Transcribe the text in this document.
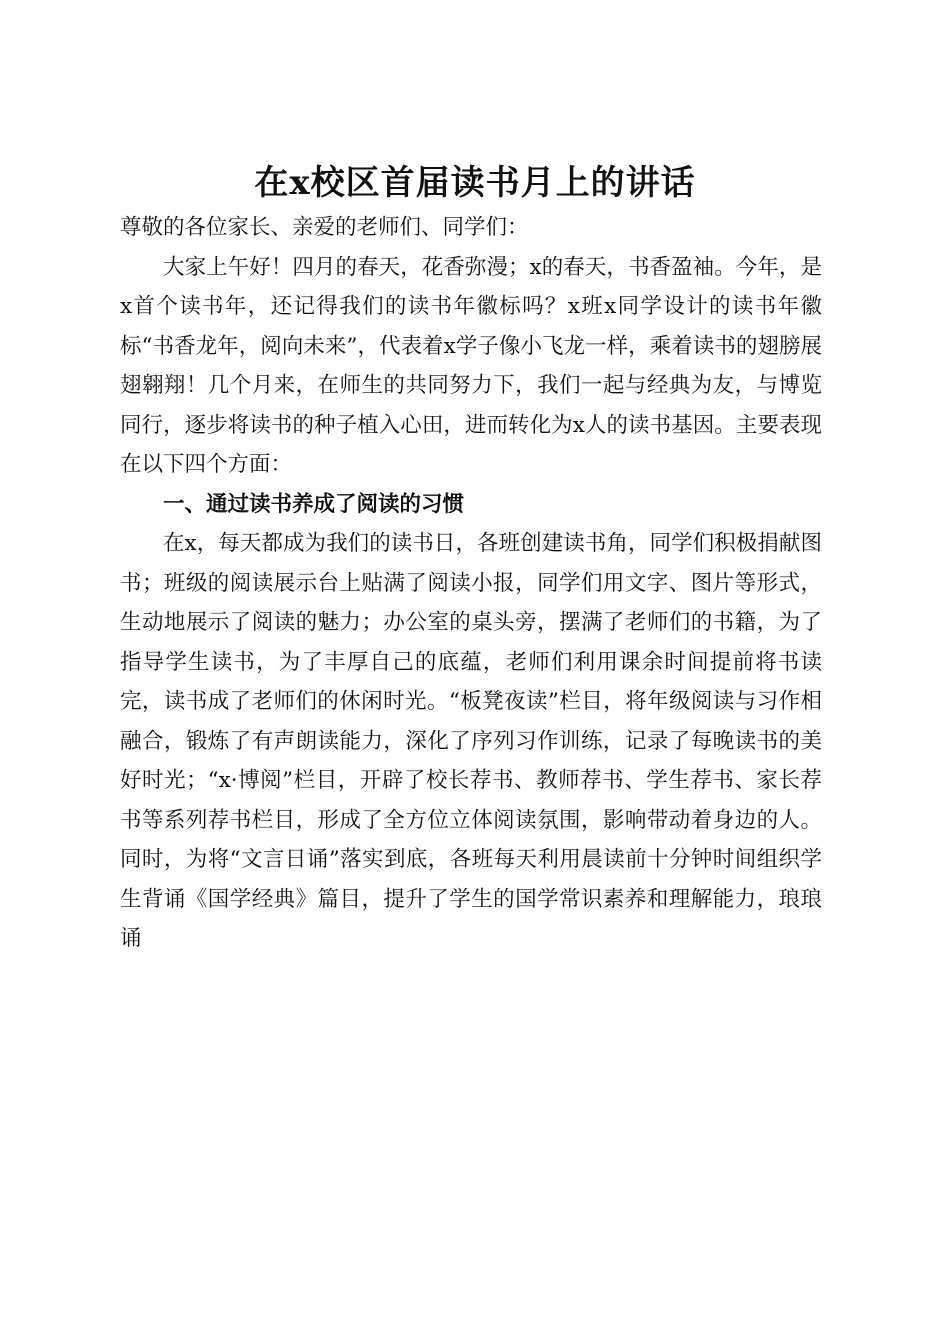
在x校区首届读书月上的讲话

尊敬的各位家长、亲爱的老师们、同学们：

大家上午好！四月的春天，花香弥漫；x的春天，书香盈袖。今年，是x首个读书年，还记得我们的读书年徽标吗？x班x同学设计的读书年徽标“书香龙年，阅向未来”，代表着x学子像小飞龙一样，乘着读书的翅膀展翅翱翔！几个月来，在师生的共同努力下，我们一起与经典为友，与博览同行，逐步将读书的种子植入心田，进而转化为x人的读书基因。主要表现在以下四个方面：

一、通过读书养成了阅读的习惯

在x，每天都成为我们的读书日，各班创建读书角，同学们积极捐献图书；班级的阅读展示台上贴满了阅读小报，同学们用文字、图片等形式，生动地展示了阅读的魅力；办公室的桌头旁，摆满了老师们的书籍，为了指导学生读书，为了丰厚自己的底蕴，老师们利用课余时间提前将书读完，读书成了老师们的休闲时光。“板凳夜读”栏目，将年级阅读与习作相融合，锻炼了有声朗读能力，深化了序列习作训练，记录了每晚读书的美好时光；“x·博阅”栏目，开辟了校长荐书、教师荐书、学生荐书、家长荐书等系列荐书栏目，形成了全方位立体阅读氛围，影响带动着身边的人。同时，为将“文言日诵”落实到底，各班每天利用晨读前十分钟时间组织学生背诵《国学经典》篇目，提升了学生的国学常识素养和理解能力，琅琅诵
